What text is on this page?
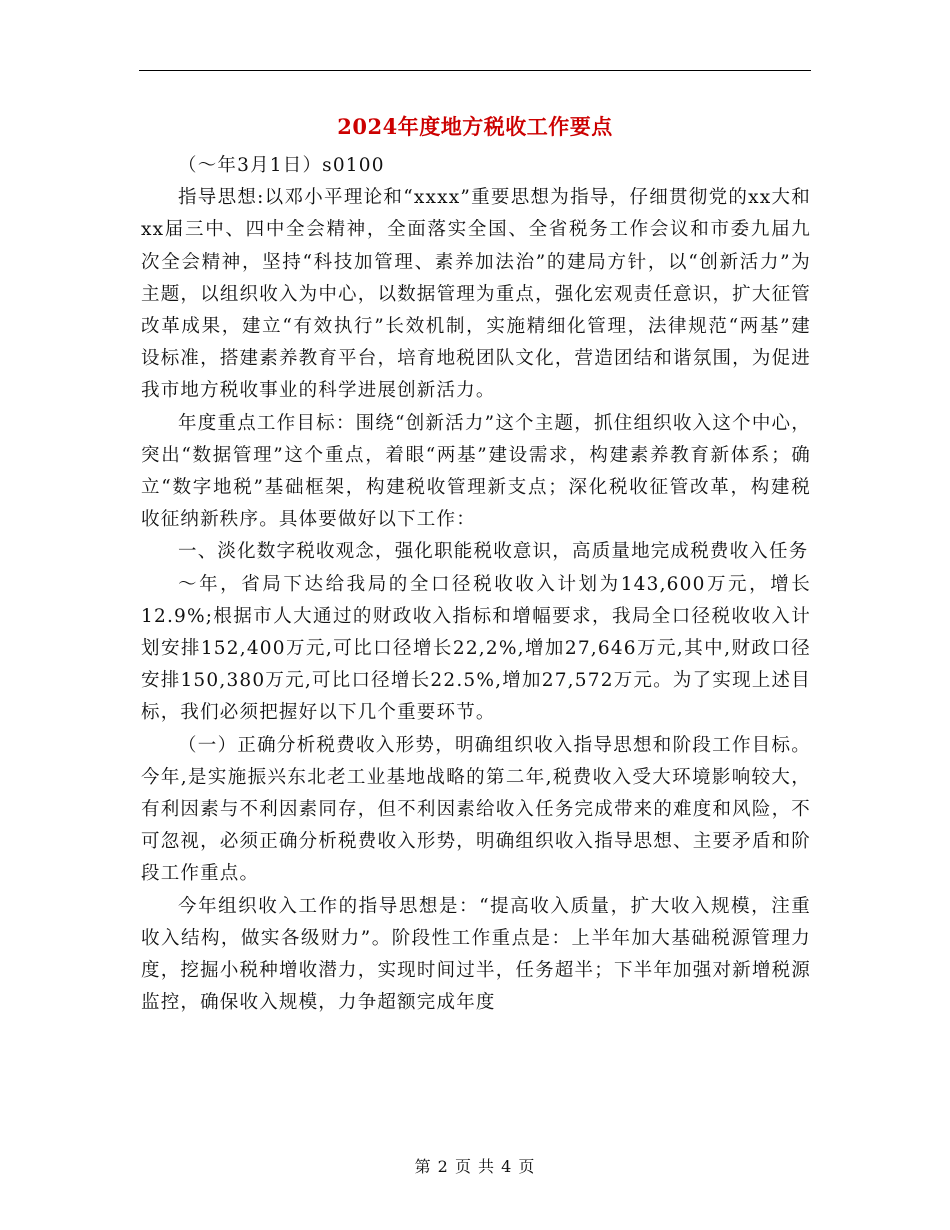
2024年度地方税收工作要点

（～年3月1日）s0100

指导思想:以邓小平理论和“xxxx”重要思想为指导，仔细贯彻党的xx大和xx届三中、四中全会精神，全面落实全国、全省税务工作会议和市委九届九次全会精神，坚持“科技加管理、素养加法治”的建局方针，以“创新活力”为主题，以组织收入为中心，以数据管理为重点，强化宏观责任意识，扩大征管改革成果，建立“有效执行”长效机制，实施精细化管理，法律规范“两基”建设标准，搭建素养教育平台，培育地税团队文化，营造团结和谐氛围，为促进我市地方税收事业的科学进展创新活力。

年度重点工作目标：围绕“创新活力”这个主题，抓住组织收入这个中心，突出“数据管理”这个重点，着眼“两基”建设需求，构建素养教育新体系；确立“数字地税”基础框架，构建税收管理新支点；深化税收征管改革，构建税收征纳新秩序。具体要做好以下工作：

一、淡化数字税收观念，强化职能税收意识，高质量地完成税费收入任务

～年，省局下达给我局的全口径税收收入计划为143,600万元，增长12.9%;根据市人大通过的财政收入指标和增幅要求，我局全口径税收收入计划安排152,400万元,可比口径增长22,2%,增加27,646万元,其中,财政口径安排150,380万元,可比口径增长22.5%,增加27,572万元。为了实现上述目标，我们必须把握好以下几个重要环节。

（一）正确分析税费收入形势，明确组织收入指导思想和阶段工作目标。今年,是实施振兴东北老工业基地战略的第二年,税费收入受大环境影响较大，有利因素与不利因素同存，但不利因素给收入任务完成带来的难度和风险，不可忽视，必须正确分析税费收入形势，明确组织收入指导思想、主要矛盾和阶段工作重点。

今年组织收入工作的指导思想是：“提高收入质量，扩大收入规模，注重收入结构，做实各级财力”。阶段性工作重点是：上半年加大基础税源管理力度，挖掘小税种增收潜力，实现时间过半，任务超半；下半年加强对新增税源监控，确保收入规模，力争超额完成年度

第 2 页 共 4 页
